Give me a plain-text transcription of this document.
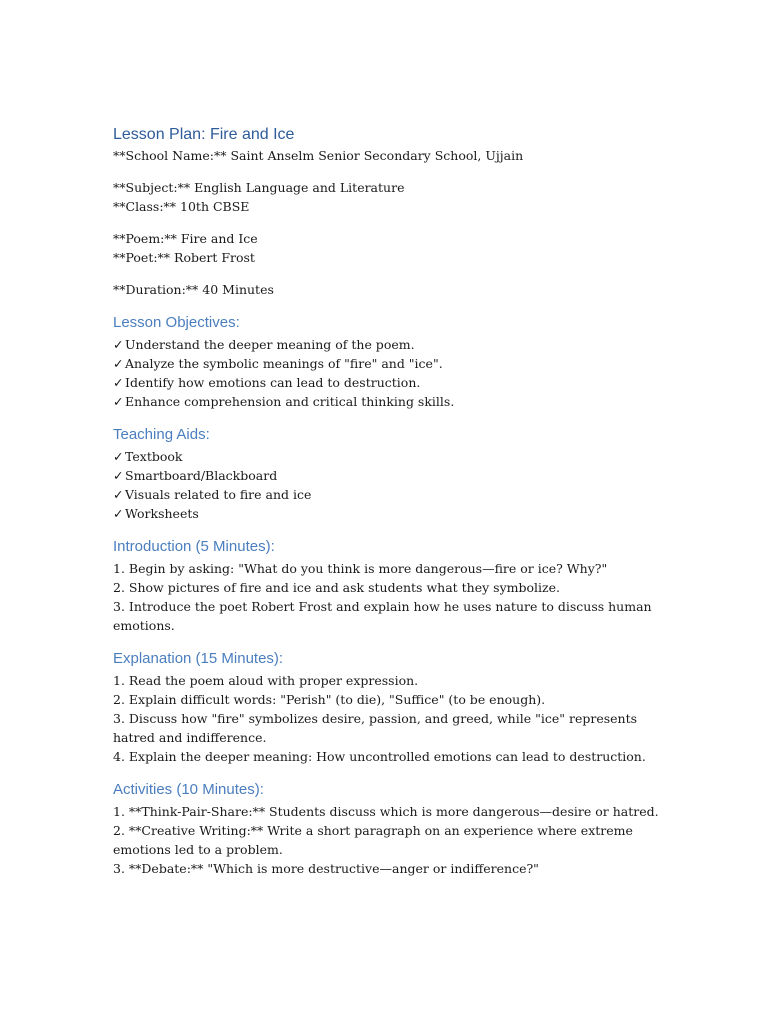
Lesson Plan: Fire and Ice
**School Name:** Saint Anselm Senior Secondary School, Ujjain
**Subject:** English Language and Literature
**Class:** 10th CBSE
**Poem:** Fire and Ice
**Poet:** Robert Frost
**Duration:** 40 Minutes
Lesson Objectives:
✓ Understand the deeper meaning of the poem.
✓ Analyze the symbolic meanings of "fire" and "ice".
✓ Identify how emotions can lead to destruction.
✓ Enhance comprehension and critical thinking skills.
Teaching Aids:
✓ Textbook
✓ Smartboard/Blackboard
✓ Visuals related to fire and ice
✓ Worksheets
Introduction (5 Minutes):
1. Begin by asking: "What do you think is more dangerous—fire or ice? Why?"
2. Show pictures of fire and ice and ask students what they symbolize.
3. Introduce the poet Robert Frost and explain how he uses nature to discuss human emotions.
Explanation (15 Minutes):
1. Read the poem aloud with proper expression.
2. Explain difficult words: "Perish" (to die), "Suffice" (to be enough).
3. Discuss how "fire" symbolizes desire, passion, and greed, while "ice" represents hatred and indifference.
4. Explain the deeper meaning: How uncontrolled emotions can lead to destruction.
Activities (10 Minutes):
1. **Think-Pair-Share:** Students discuss which is more dangerous—desire or hatred.
2. **Creative Writing:** Write a short paragraph on an experience where extreme emotions led to a problem.
3. **Debate:** "Which is more destructive—anger or indifference?"
